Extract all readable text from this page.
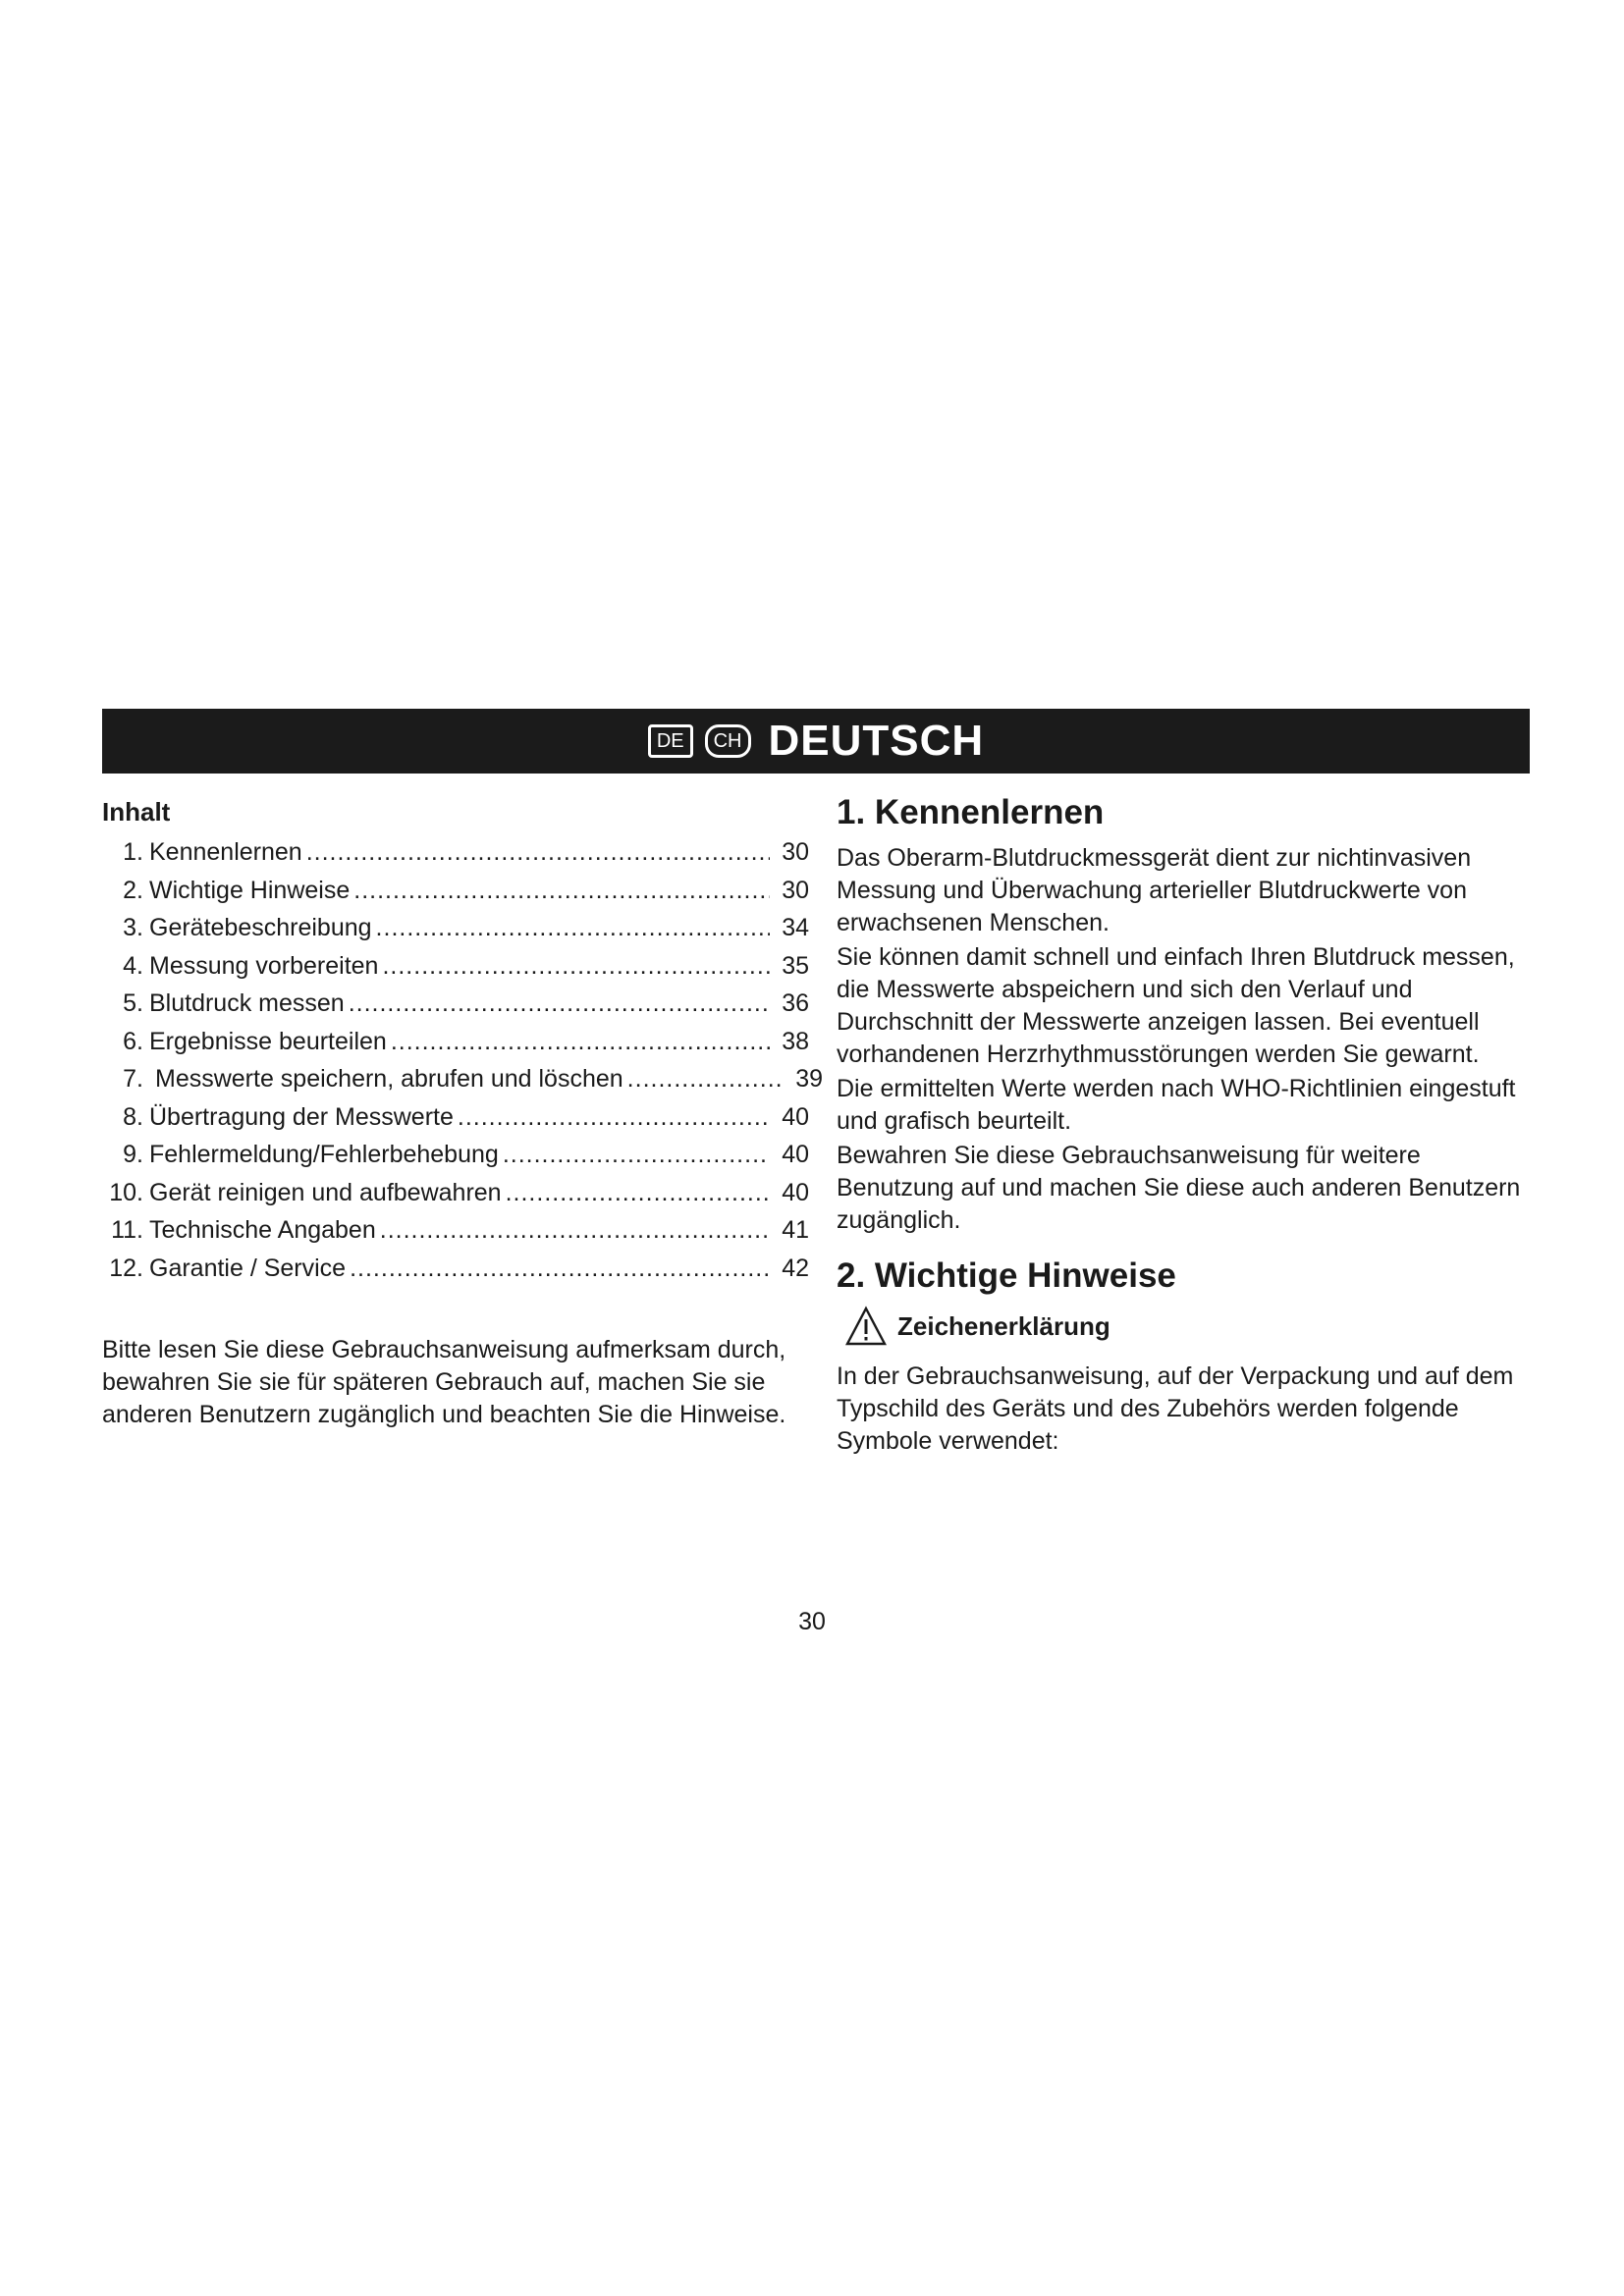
DE	CH DEUTSCH
Inhalt
1. Kennenlernen .....	30
2. Wichtige Hinweise .....	30
3. Gerätebeschreibung .....	34
4. Messung vorbereiten .....	35
5. Blutdruck messen .....	36
6. Ergebnisse beurteilen .....	38
7. Messwerte speichern, abrufen und löschen .....	39
8. Übertragung der Messwerte .....	40
9. Fehlermeldung/Fehlerbehebung .....	40
10. Gerät reinigen und aufbewahren .....	40
11. Technische Angaben .....	41
12. Garantie / Service .....	42

Bitte lesen Sie diese Gebrauchsanweisung aufmerksam durch, bewahren Sie sie für späteren Gebrauch auf, machen Sie sie anderen Benutzern zugänglich und beachten Sie die Hinweise.

1. Kennenlernen

Das Oberarm-Blutdruckmessgerät dient zur nichtinvasiven Messung und Überwachung arterieller Blutdruckwerte von erwachsenen Menschen.

Sie können damit schnell und einfach Ihren Blutdruck messen, die Messwerte abspeichern und sich den Verlauf und Durchschnitt der Messwerte anzeigen lassen. Bei eventuell vorhandenen Herzrhythmusstörungen werden Sie gewarnt.

Die ermittelten Werte werden nach WHO-Richtlinien eingestuft und grafisch beurteilt.

Bewahren Sie diese Gebrauchsanweisung für weitere Benutzung auf und machen Sie diese auch anderen Benutzern zugänglich.

2. Wichtige Hinweise
Zeichenerklärung

In der Gebrauchsanweisung, auf der Verpackung und auf dem Typschild des Geräts und des Zubehörs werden folgende Symbole verwendet:

30
